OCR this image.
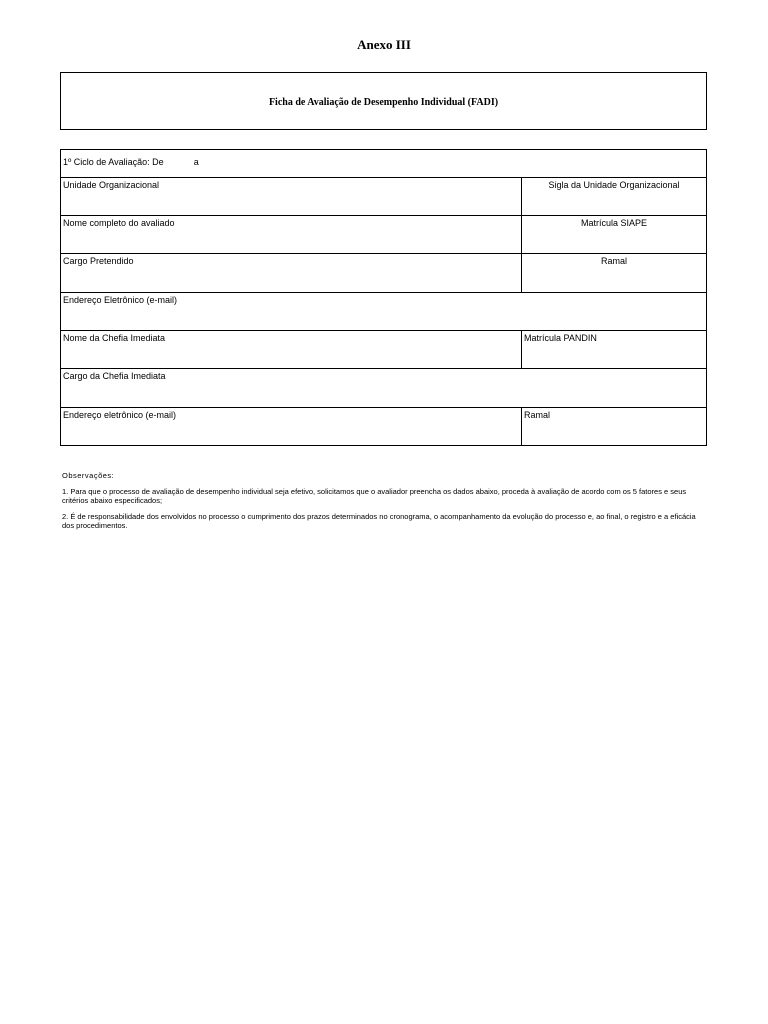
Anexo III
Ficha de Avaliação de Desempenho Individual (FADI)
1º Ciclo de Avaliação: De	a
Unidade Organizacional	Sigla da Unidade Organizacional
Nome completo do avaliado	Matrícula SIAPE
Cargo Pretendido	Ramal
Endereço Eletrônico (e-mail)
Nome da Chefia Imediata	Matrícula PANDIN
Cargo da Chefia Imediata
Endereço eletrônico (e-mail)	Ramal

Observações:

1. Para que o processo de avaliação de desempenho individual seja efetivo, solicitamos que o avaliador preencha os dados abaixo, proceda à avaliação de acordo com os 5 fatores e seus critérios abaixo especificados;

2. É de responsabilidade dos envolvidos no processo o cumprimento dos prazos determinados no cronograma, o acompanhamento da evolução do processo e, ao final, o registro e a eficácia dos procedimentos.
